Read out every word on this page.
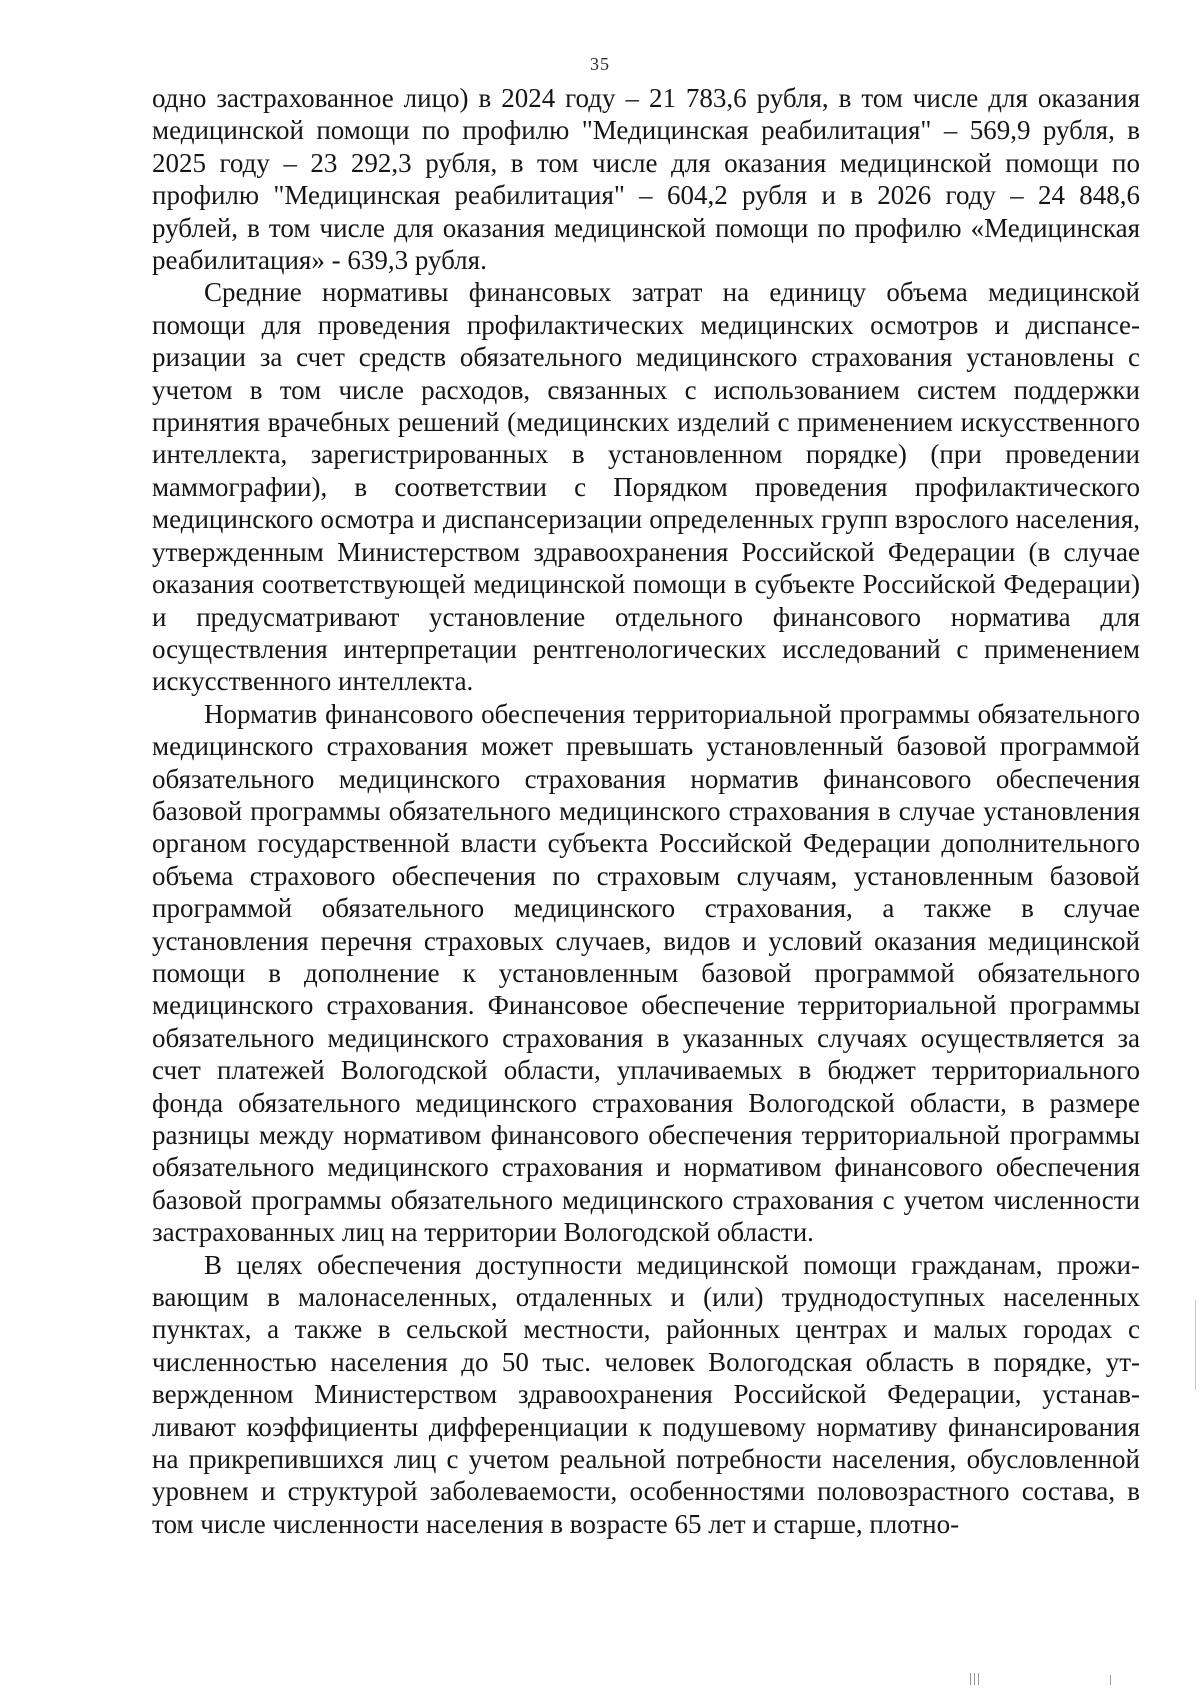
35

одно застрахованное лицо) в 2024 году – 21 783,6 рубля, в том числе для оказания медицинской помощи по профилю "Медицинская реабилитация" – 569,9 рубля, в 2025 году – 23 292,3 рубля, в том числе для оказания медицинской помощи по профилю "Медицинская реабилитация" – 604,2 рубля и в 2026 году – 24 848,6 рублей, в том числе для оказания медицинской помощи по профилю «Медицинская реабилитация» - 639,3 рубля.

Средние нормативы финансовых затрат на единицу объема медицинской помощи для проведения профилактических медицинских осмотров и диспансеризации за счет средств обязательного медицинского страхования установлены с учетом в том числе расходов, связанных с использованием систем поддержки принятия врачебных решений (медицинских изделий с применением искусственного интеллекта, зарегистрированных в установленном порядке) (при проведении маммографии), в соответствии с Порядком проведения профилактического медицинского осмотра и диспансеризации определенных групп взрослого населения, утвержденным Министерством здравоохранения Российской Федерации (в случае оказания соответствующей медицинской помощи в субъекте Российской Федерации) и предусматривают установление отдельного финансового норматива для осуществления интерпретации рентгенологических исследований с применением искусственного интеллекта.

Норматив финансового обеспечения территориальной программы обязательного медицинского страхования может превышать установленный базовой программой обязательного медицинского страхования норматив финансового обеспечения базовой программы обязательного медицинского страхования в случае установления органом государственной власти субъекта Российской Федерации дополнительного объема страхового обеспечения по страховым случаям, установленным базовой программой обязательного медицинского страхования, а также в случае установления перечня страховых случаев, видов и условий оказания медицинской помощи в дополнение к установленным базовой программой обязательного медицинского страхования. Финансовое обеспечение территориальной программы обязательного медицинского страхования в указанных случаях осуществляется за счет платежей Вологодской области, уплачиваемых в бюджет территориального фонда обязательного медицинского страхования Вологодской области, в размере разницы между нормативом финансового обеспечения территориальной программы обязательного медицинского страхования и нормативом финансового обеспечения базовой программы обязательного медицинского страхования с учетом численности застрахованных лиц на территории Вологодской области.

В целях обеспечения доступности медицинской помощи гражданам, проживающим в малонаселенных, отдаленных и (или) труднодоступных населенных пунктах, а также в сельской местности, районных центрах и малых городах с численностью населения до 50 тыс. человек Вологодская область в порядке, утвержденном Министерством здравоохранения Российской Федерации, устанавливают коэффициенты дифференциации к подушевому нормативу финансирования на прикрепившихся лиц с учетом реальной потребности населения, обусловленной уровнем и структурой заболеваемости, особенностями половозрастного состава, в том числе численности населения в возрасте 65 лет и старше, плотно-
